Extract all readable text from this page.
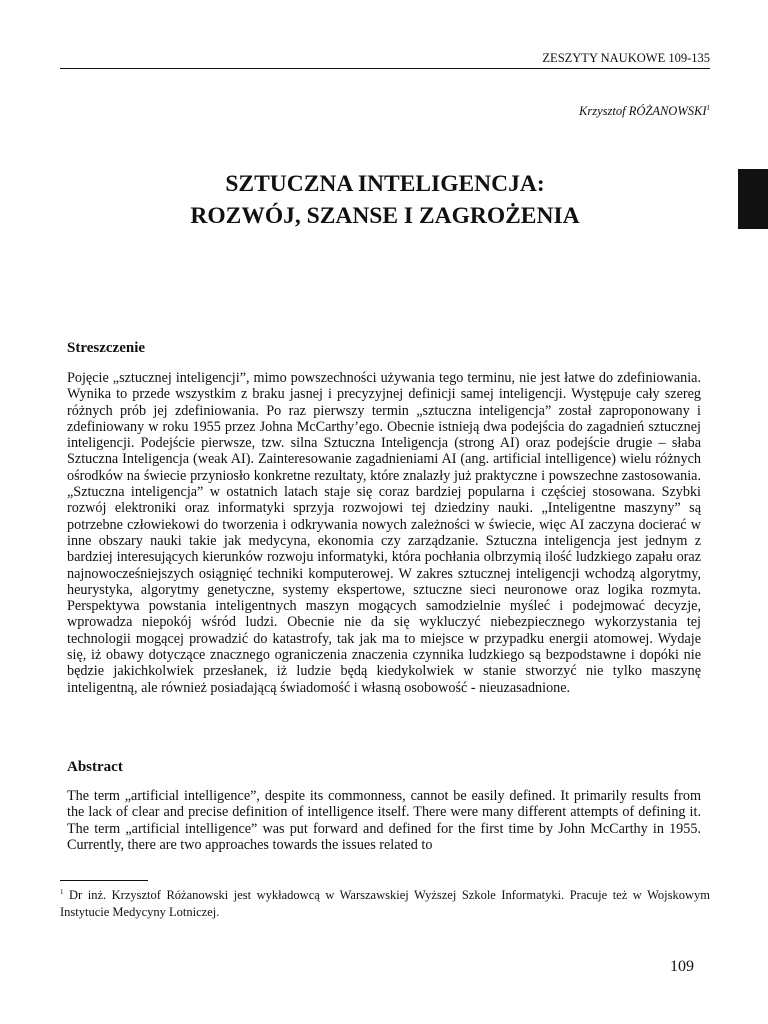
ZESZYTY NAUKOWE 109-135
Krzysztof RÓŻANOWSKI$^1$
SZTUCZNA INTELIGENCJA:
ROZWÓJ, SZANSE I ZAGROŻENIA
Streszczenie

Pojęcie „sztucznej inteligencji”, mimo powszechności używania tego terminu, nie jest łatwe do zdefiniowania. Wynika to przede wszystkim z braku jasnej i precyzyjnej definicji samej inteligencji. Występuje cały szereg różnych prób jej zdefiniowania. Po raz pierwszy termin „sztuczna inteligencja” został zaproponowany i zdefiniowany w roku 1955 przez Johna McCarthy’ego. Obecnie istnieją dwa podejścia do zagadnień sztucznej inteligencji. Podejście pierwsze, tzw. silna Sztuczna Inteligencja (strong AI) oraz podejście drugie – słaba Sztuczna Inteligencja (weak AI). Zainteresowanie zagadnieniami AI (ang. artificial intelligence) wielu różnych ośrodków na świecie przyniosło konkretne rezultaty, które znalazły już praktyczne i powszechne zastosowania. „Sztuczna inteligencja” w ostatnich latach staje się coraz bardziej popularna i częściej stosowana. Szybki rozwój elektroniki oraz informatyki sprzyja rozwojowi tej dziedziny nauki. „Inteligentne maszyny” są potrzebne człowiekowi do tworzenia i odkrywania nowych zależności w świecie, więc AI zaczyna docierać w inne obszary nauki takie jak medycyna, ekonomia czy zarządzanie. Sztuczna inteligencja jest jednym z bardziej interesujących kierunków rozwoju informatyki, która pochłania olbrzymią ilość ludzkiego zapału oraz najnowocześniejszych osiągnięć techniki komputerowej. W zakres sztucznej inteligencji wchodzą algorytmy, heurystyka, algorytmy genetyczne, systemy ekspertowe, sztuczne sieci neuronowe oraz logika rozmyta. Perspektywa powstania inteligentnych maszyn mogących samodzielnie myśleć i podejmować decyzje, wprowadza niepokój wśród ludzi. Obecnie nie da się wykluczyć niebezpiecznego wykorzystania tej technologii mogącej prowadzić do katastrofy, tak jak ma to miejsce w przypadku energii atomowej. Wydaje się, iż obawy dotyczące znacznego ograniczenia znaczenia czynnika ludzkiego są bezpodstawne i dopóki nie będzie jakichkolwiek przesłanek, iż ludzie będą kiedykolwiek w stanie stworzyć nie tylko maszynę inteligentną, ale również posiadającą świadomość i własną osobowość - nieuzasadnione.

Abstract

The term „artificial intelligence”, despite its commonness, cannot be easily defined. It primarily results from the lack of clear and precise definition of intelligence itself. There were many different attempts of defining it. The term „artificial intelligence” was put forward and defined for the first time by John McCarthy in 1955. Currently, there are two approaches towards the issues related to

$^1$ Dr inż. Krzysztof Różanowski jest wykładowcą w Warszawskiej Wyższej Szkole Informatyki. Pracuje też w Wojskowym Instytucie Medycyny Lotniczej.

109
